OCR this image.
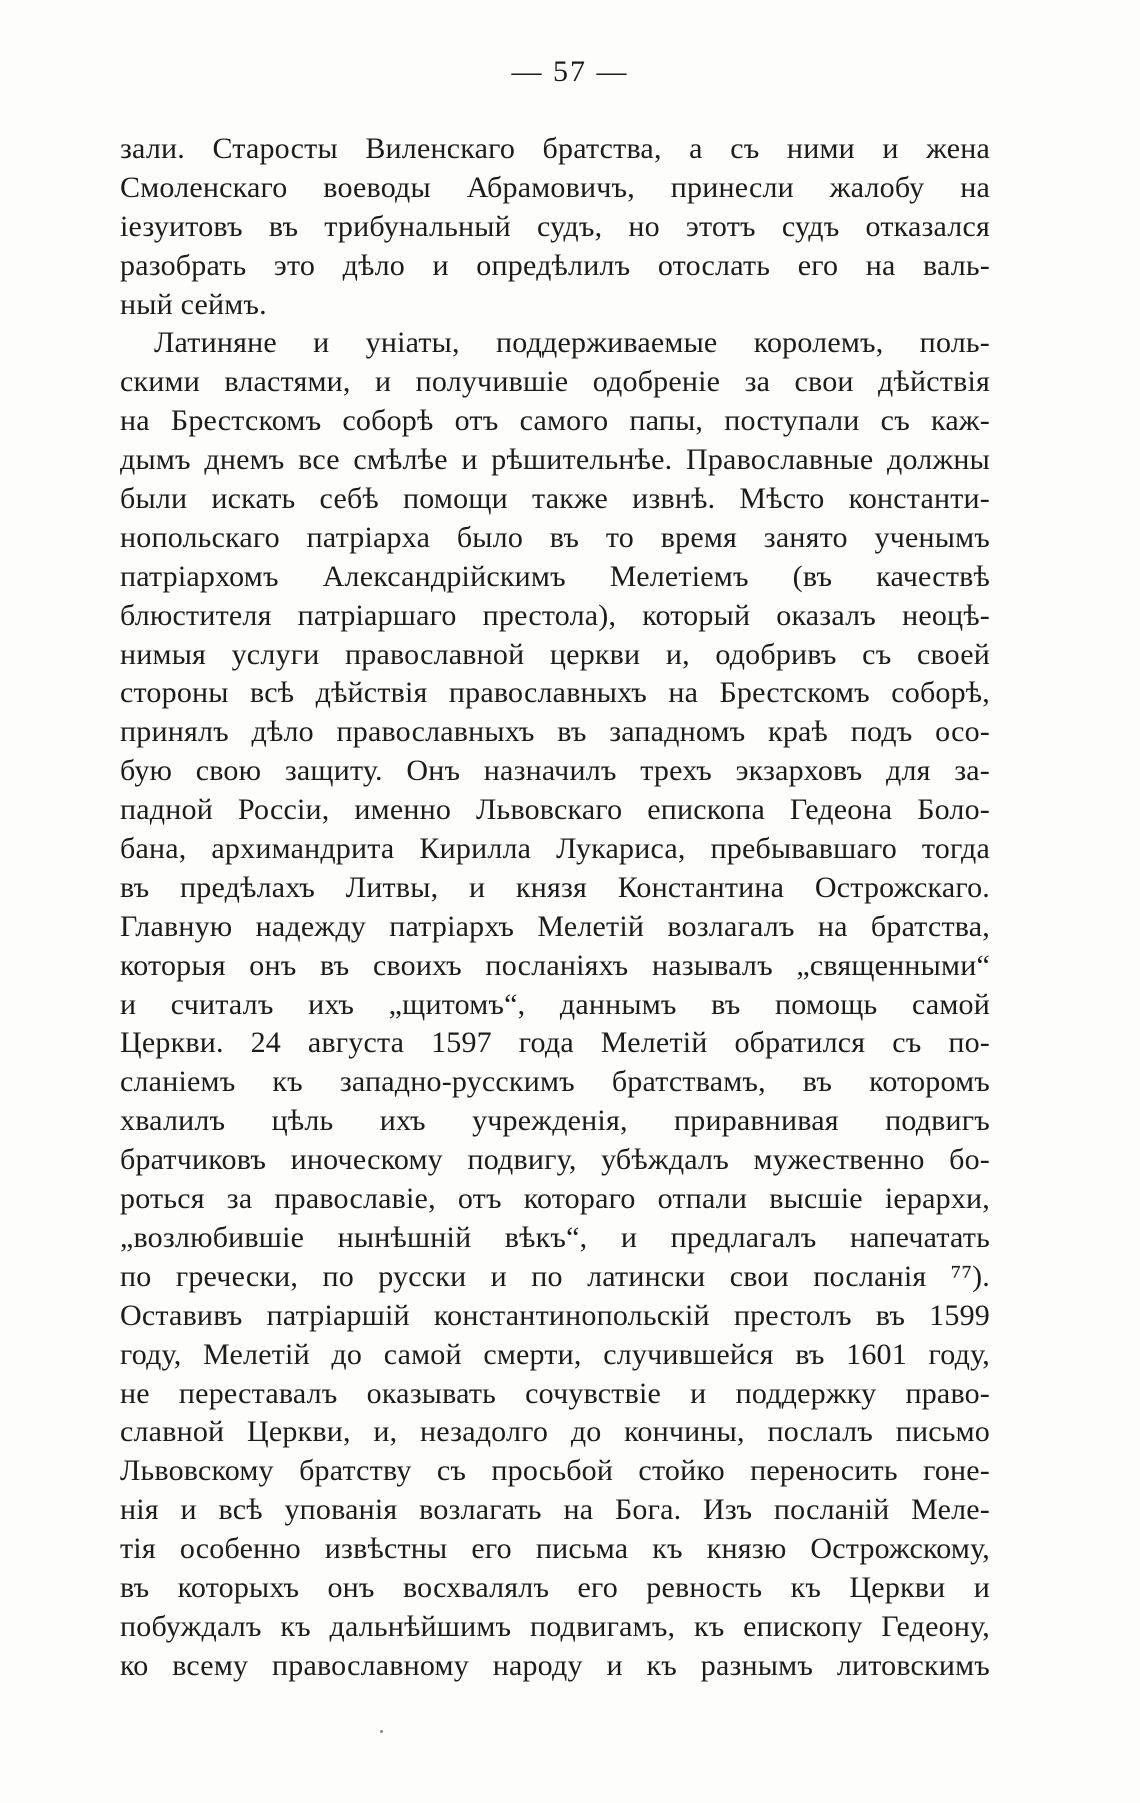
— 57 —
зали. Старосты Виленскаго братства, а съ ними и жена
Смоленскаго воеводы Абрамовичъ, принесли жалобу на
іезуитовъ въ трибунальный судъ, но этотъ судъ отказался
разобрать это дѣло и опредѣлилъ отослать его на валь-
ный сеймъ.
Латиняне и уніаты, поддерживаемые королемъ, поль-
скими властями, и получившіе одобреніе за свои дѣйствія
на Брестскомъ соборѣ отъ самого папы, поступали съ каж-
дымъ днемъ все смѣлѣе и рѣшительнѣе. Православные должны
были искать себѣ помощи также извнѣ. Мѣсто константи-
нопольскаго патріарха было въ то время занято ученымъ
патріархомъ Александрійскимъ Мелетіемъ (въ качествѣ
блюстителя патріаршаго престола), который оказалъ неоцѣ-
нимыя услуги православной церкви и, одобривъ съ своей
стороны всѣ дѣйствія православныхъ на Брестскомъ соборѣ,
принялъ дѣло православныхъ въ западномъ краѣ подъ осо-
бую свою защиту. Онъ назначилъ трехъ экзарховъ для за-
падной Россіи, именно Львовскаго епископа Гедеона Боло-
бана, архимандрита Кирилла Лукариса, пребывавшаго тогда
въ предѣлахъ Литвы, и князя Константина Острожскаго.
Главную надежду патріархъ Мелетій возлагалъ на братства,
которыя онъ въ своихъ посланіяхъ называлъ „священными“
и считалъ ихъ „щитомъ“, даннымъ въ помощь самой
Церкви. 24 августа 1597 года Мелетій обратился съ по-
сланіемъ къ западно-русскимъ братствамъ, въ которомъ
хвалилъ цѣль ихъ учрежденія, приравнивая подвигъ
братчиковъ иноческому подвигу, убѣждалъ мужественно бо-
роться за православіе, отъ котораго отпали высшіе іерархи,
„возлюбившіе нынѣшній вѣкъ“, и предлагалъ напечатать
по гречески, по русски и по латински свои посланія ⁷⁷).
Оставивъ патріаршій константинопольскій престолъ въ 1599
году, Мелетій до самой смерти, случившейся въ 1601 году,
не переставалъ оказывать сочувствіе и поддержку право-
славной Церкви, и, незадолго до кончины, послалъ письмо
Львовскому братству съ просьбой стойко переносить гоне-
нія и всѣ упованія возлагать на Бога. Изъ посланій Меле-
тія особенно извѣстны его письма къ князю Острожскому,
въ которыхъ онъ восхвалялъ его ревность къ Церкви и
побуждалъ къ дальнѣйшимъ подвигамъ, къ епископу Гедеону,
ко всему православному народу и къ разнымъ литовскимъ
